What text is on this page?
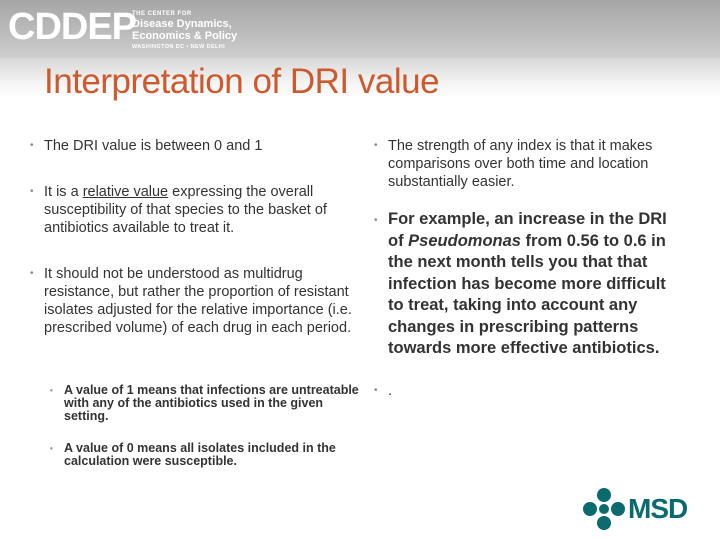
CDDEP
THE CENTER FOR
Disease Dynamics,
Economics & Policy
WASHINGTON DC • NEW DELHI
Interpretation of DRI value
• The DRI value is between 0 and 1
• It is a relative value expressing the overall susceptibility of that species to the basket of antibiotics available to treat it.
• It should not be understood as multidrug resistance, but rather the proportion of resistant isolates adjusted for the relative importance (i.e. prescribed volume) of each drug in each period.
• A value of 1 means that infections are untreatable with any of the antibiotics used in the given setting.
• A value of 0 means all isolates included in the calculation were susceptible.
• The strength of any index is that it makes comparisons over both time and location substantially easier.
• For example, an increase in the DRI of Pseudomonas from 0.56 to 0.6 in the next month tells you that that infection has become more difficult to treat, taking into account any changes in prescribing patterns towards more effective antibiotics.
• .
MSD
